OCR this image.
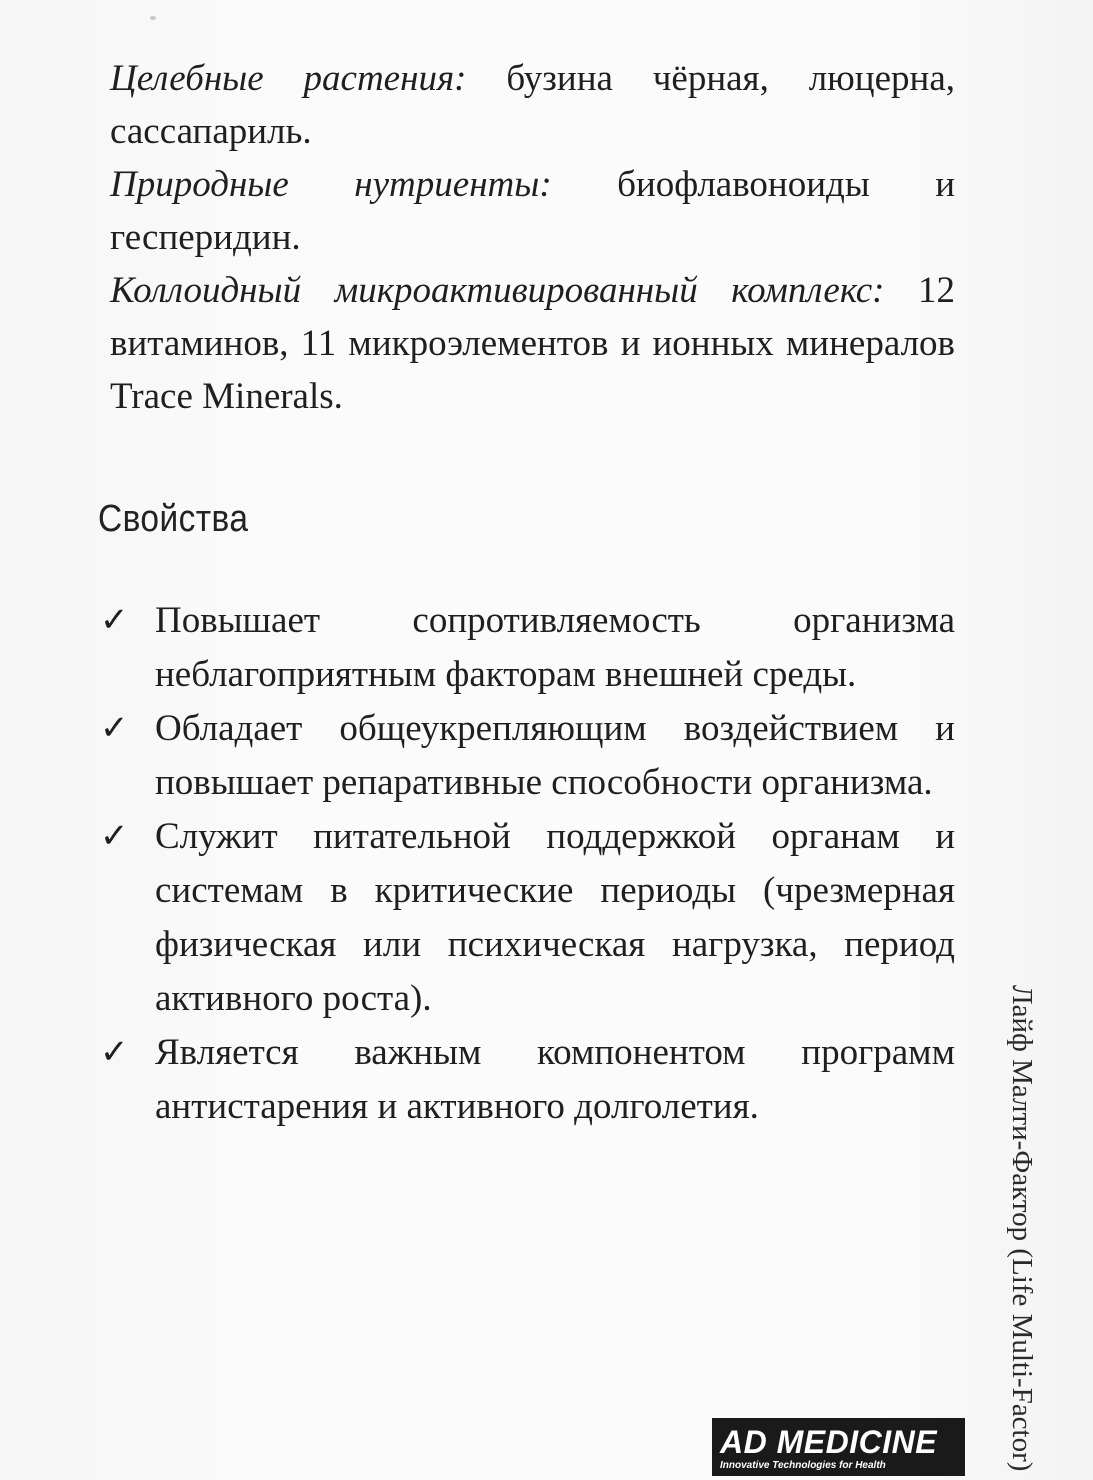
Целебные растения: бузина чёрная, люцерна, сассапариль.

Природные нутриенты: биофлавоноиды и гесперидин.

Коллоидный микроактивированный комплекс: 12 витаминов, 11 микроэлементов и ионных минералов Trace Minerals.

Свойства
✓ Повышает сопротивляемость организма неблагоприятным факторам внешней среды.
✓ Обладает общеукрепляющим воздействием и повышает репаративные способности организма.
✓ Служит питательной поддержкой органам и системам в критические периоды (чрезмерная физическая или психическая нагрузка, период активного роста).
✓ Является важным компонентом программ антистарения и активного долголетия.	Лайф Малти-Фактор (Life Multi-Factor)
AD MEDICINE
Innovative Technologies for Health
